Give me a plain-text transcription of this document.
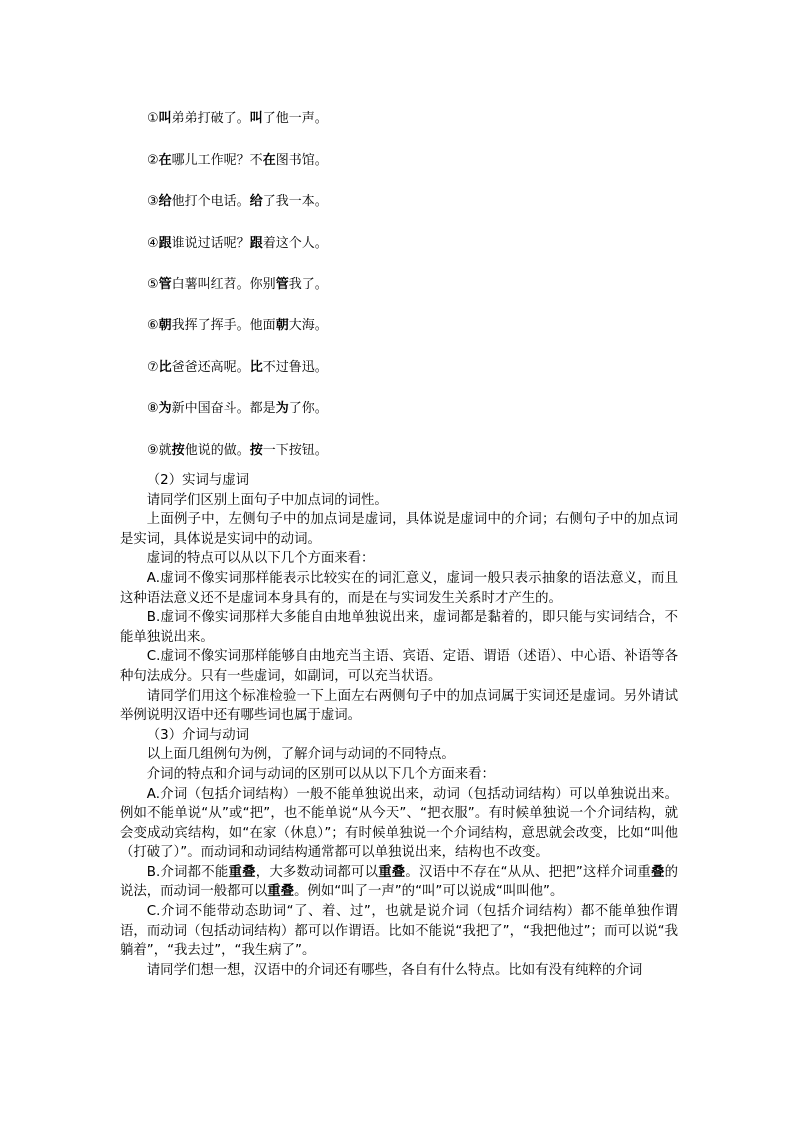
①叫弟弟打破了。叫了他一声。
②在哪儿工作呢？不在图书馆。
③给他打个电话。给了我一本。
④跟谁说过话呢？跟着这个人。
⑤管白薯叫红苕。你别管我了。
⑥朝我挥了挥手。他面朝大海。
⑦比爸爸还高呢。比不过鲁迅。
⑧为新中国奋斗。都是为了你。
⑨就按他说的做。按一下按钮。

（2）实词与虚词

请同学们区别上面句子中加点词的词性。

上面例子中，左侧句子中的加点词是虚词，具体说是虚词中的介词；右侧句子中的加点词是实词，具体说是实词中的动词。

虚词的特点可以从以下几个方面来看：

A.虚词不像实词那样能表示比较实在的词汇意义，虚词一般只表示抽象的语法意义，而且这种语法意义还不是虚词本身具有的，而是在与实词发生关系时才产生的。

B.虚词不像实词那样大多能自由地单独说出来，虚词都是黏着的，即只能与实词结合，不能单独说出来。

C.虚词不像实词那样能够自由地充当主语、宾语、定语、谓语（述语）、中心语、补语等各种句法成分。只有一些虚词，如副词，可以充当状语。

请同学们用这个标准检验一下上面左右两侧句子中的加点词属于实词还是虚词。另外请试举例说明汉语中还有哪些词也属于虚词。

（3）介词与动词

以上面几组例句为例，了解介词与动词的不同特点。

介词的特点和介词与动词的区别可以从以下几个方面来看：

A.介词（包括介词结构）一般不能单独说出来，动词（包括动词结构）可以单独说出来。例如不能单说“从”或“把”，也不能单说“从今天”、“把衣服”。有时候单独说一个介词结构，就会变成动宾结构，如“在家（休息）”；有时候单独说一个介词结构，意思就会改变，比如“叫他（打破了）”。而动词和动词结构通常都可以单独说出来，结构也不改变。

B.介词都不能重叠，大多数动词都可以重叠。汉语中不存在“从从、把把”这样介词重叠的说法，而动词一般都可以重叠。例如“叫了一声”的“叫”可以说成“叫叫他”。

C.介词不能带动态助词“了、着、过”，也就是说介词（包括介词结构）都不能单独作谓语，而动词（包括动词结构）都可以作谓语。比如不能说“我把了”，“我把他过”；而可以说“我躺着”，“我去过”，“我生病了”。

请同学们想一想，汉语中的介词还有哪些，各自有什么特点。比如有没有纯粹的介词
